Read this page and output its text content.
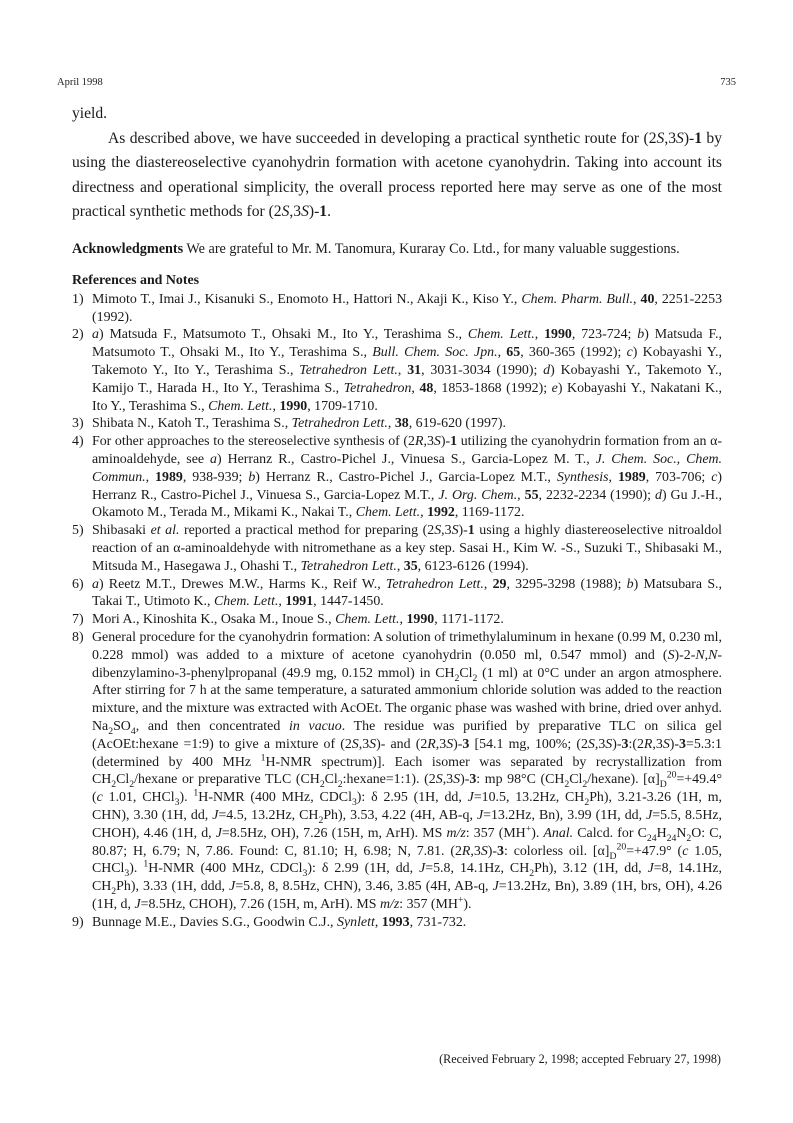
April 1998	735

yield.

As described above, we have succeeded in developing a practical synthetic route for (2S,3S)-1 by using the diastereoselective cyanohydrin formation with acetone cyanohydrin. Taking into account its directness and operational simplicity, the overall process reported here may serve as one of the most practical synthetic methods for (2S,3S)-1.

Acknowledgments We are grateful to Mr. M. Tanomura, Kuraray Co. Ltd., for many valuable suggestions.

References and Notes

1) Mimoto T., Imai J., Kisanuki S., Enomoto H., Hattori N., Akaji K., Kiso Y., Chem. Pharm. Bull., 40, 2251-2253 (1992).

2) a) Matsuda F., Matsumoto T., Ohsaki M., Ito Y., Terashima S., Chem. Lett., 1990, 723-724; b) Matsuda F., Matsumoto T., Ohsaki M., Ito Y., Terashima S., Bull. Chem. Soc. Jpn., 65, 360-365 (1992); c) Kobayashi Y., Takemoto Y., Ito Y., Terashima S., Tetrahedron Lett., 31, 3031-3034 (1990); d) Kobayashi Y., Takemoto Y., Kamijo T., Harada H., Ito Y., Terashima S., Tetrahedron, 48, 1853-1868 (1992); e) Kobayashi Y., Nakatani K., Ito Y., Terashima S., Chem. Lett., 1990, 1709-1710.

3) Shibata N., Katoh T., Terashima S., Tetrahedron Lett., 38, 619-620 (1997).

4) For other approaches to the stereoselective synthesis of (2R,3S)-1 utilizing the cyanohydrin formation from an α-aminoaldehyde, see a) Herranz R., Castro-Pichel J., Vinuesa S., Garcia-Lopez M. T., J. Chem. Soc., Chem. Commun., 1989, 938-939; b) Herranz R., Castro-Pichel J., Garcia-Lopez M.T., Synthesis, 1989, 703-706; c) Herranz R., Castro-Pichel J., Vinuesa S., Garcia-Lopez M.T., J. Org. Chem., 55, 2232-2234 (1990); d) Gu J.-H., Okamoto M., Terada M., Mikami K., Nakai T., Chem. Lett., 1992, 1169-1172.

5) Shibasaki et al. reported a practical method for preparing (2S,3S)-1 using a highly diastereoselective nitroaldol reaction of an α-aminoaldehyde with nitromethane as a key step. Sasai H., Kim W. -S., Suzuki T., Shibasaki M., Mitsuda M., Hasegawa J., Ohashi T., Tetrahedron Lett., 35, 6123-6126 (1994).

6) a) Reetz M.T., Drewes M.W., Harms K., Reif W., Tetrahedron Lett., 29, 3295-3298 (1988); b) Matsubara S., Takai T., Utimoto K., Chem. Lett., 1991, 1447-1450.

7) Mori A., Kinoshita K., Osaka M., Inoue S., Chem. Lett., 1990, 1171-1172.

8) General procedure for the cyanohydrin formation: A solution of trimethylaluminum in hexane (0.99 M, 0.230 ml, 0.228 mmol) was added to a mixture of acetone cyanohydrin (0.050 ml, 0.547 mmol) and (S)-2-N,N-dibenzylamino-3-phenylpropanal (49.9 mg, 0.152 mmol) in $CH_2Cl_2$ (1 ml) at 0°C under an argon atmosphere. After stirring for 7 h at the same temperature, a saturated ammonium chloride solution was added to the reaction mixture, and the mixture was extracted with AcOEt. The organic phase was washed with brine, dried over anhyd. $Na_2SO_4$, and then concentrated in vacuo. The residue was purified by preparative TLC on silica gel (AcOEt:hexane =1:9) to give a mixture of (2S,3S)- and (2R,3S)-3 [54.1 mg, 100%; (2S,3S)-3:(2R,3S)-3=5.3:1 (determined by 400 MHz $^1$H-NMR spectrum)]. Each isomer was separated by recrystallization from $CH_2Cl_2$/hexane or preparative TLC $(CH_2Cl_2:hexane=1:1)$. (2S,3S)-3: mp 98°C $(CH_2Cl_2/hexane)$. $[\alpha]_D^{20}=+49.4^\circ$ (c 1.01, CHCl$_3$). $^1$H-NMR (400 MHz, CDCl$_3$): δ 2.95 (1H, dd, J=10.5, 13.2Hz, $CH_2Ph$), 3.21-3.26 (1H, m, CHN), 3.30 (1H, dd, J=4.5, 13.2Hz, $CH_2Ph$), 3.53, 4.22 (4H, AB-q, J=13.2Hz, Bn), 3.99 (1H, dd, J=5.5, 8.5Hz, CHOH), 4.46 (1H, d, J=8.5Hz, OH), 7.26 (15H, m, ArH). MS m/z: 357 (MH+). Anal. Calcd. for $C_{24}H_{24}N_2O$: C, 80.87; H, 6.79; N, 7.86. Found: C, 81.10; H, 6.98; N, 7.81. (2R,3S)-3: colorless oil. $[\alpha]_D^{20}=+47.9^\circ$ (c 1.05, CHCl$_3$). $^1$H-NMR (400 MHz, CDCl$_3$): δ 2.99 (1H, dd, J=5.8, 14.1Hz, $CH_2Ph$), 3.12 (1H, dd, J=8, 14.1Hz, $CH_2Ph$), 3.33 (1H, ddd, J=5.8, 8, 8.5Hz, CHN), 3.46, 3.85 (4H, AB-q, J=13.2Hz, Bn), 3.89 (1H, brs, OH), 4.26 (1H, d, J=8.5Hz, CHOH), 7.26 (15H, m, ArH). MS m/z: 357 (MH+).

9) Bunnage M.E., Davies S.G., Goodwin C.J., Synlett, 1993, 731-732.

(Received February 2, 1998; accepted February 27, 1998)
